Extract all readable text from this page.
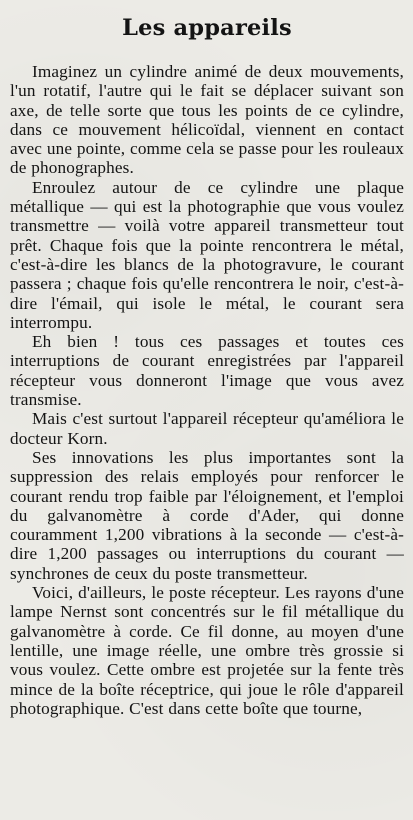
Les appareils

Imaginez un cylindre animé de deux mouvements, l'un rotatif, l'autre qui le fait se déplacer suivant son axe, de telle sorte que tous les points de ce cylindre, dans ce mouvement hélicoïdal, viennent en contact avec une pointe, comme cela se passe pour les rouleaux de phonographes.

Enroulez autour de ce cylindre une plaque métallique — qui est la photographie que vous voulez transmettre — voilà votre appareil transmetteur tout prêt. Chaque fois que la pointe rencontrera le métal, c'est-à-dire les blancs de la photogravure, le courant passera ; chaque fois qu'elle rencontrera le noir, c'est-à-dire l'émail, qui isole le métal, le courant sera interrompu.

Eh bien ! tous ces passages et toutes ces interruptions de courant enregistrées par l'appareil récepteur vous donneront l'image que vous avez transmise.

Mais c'est surtout l'appareil récepteur qu'améliora le docteur Korn.

Ses innovations les plus importantes sont la suppression des relais employés pour renforcer le courant rendu trop faible par l'éloignement, et l'emploi du galvanomètre à corde d'Ader, qui donne couramment 1,200 vibrations à la seconde — c'est-à-dire 1,200 passages ou interruptions du courant — synchrones de ceux du poste transmetteur.

Voici, d'ailleurs, le poste récepteur. Les rayons d'une lampe Nernst sont concentrés sur le fil métallique du galvanomètre à corde. Ce fil donne, au moyen d'une lentille, une image réelle, une ombre très grossie si vous voulez. Cette ombre est projetée sur la fente très mince de la boîte réceptrice, qui joue le rôle d'appareil photographique. C'est dans cette boîte que tourne,
